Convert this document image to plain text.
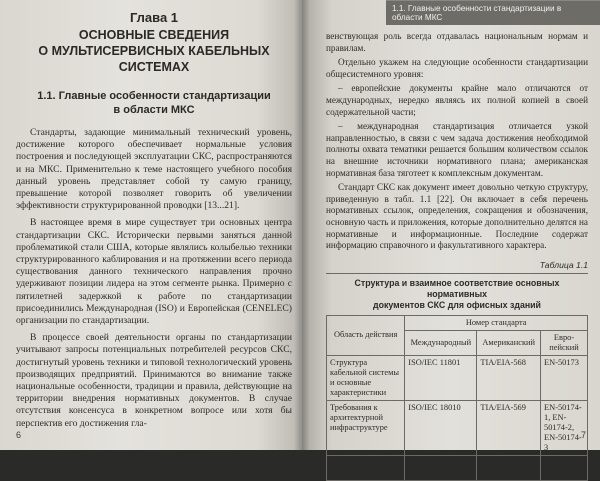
Глава 1
ОСНОВНЫЕ СВЕДЕНИЯ
О МУЛЬТИСЕРВИСНЫХ КАБЕЛЬНЫХ
СИСТЕМАХ
1.1. Главные особенности стандартизации
в области МКС

Стандарты, задающие минимальный технический уровень, достижение которого обеспечивает нормальные условия построения и последующей эксплуатации СКС, распространяются и на МКС. Применительно к теме настоящего учебного пособия данный уровень представляет собой ту самую границу, превышение которой позволяет говорить об увеличении эффективности структурированной проводки [13...21].

В настоящее время в мире существует три основных центра стандартизации СКС. Исторически первыми заняться данной проблематикой стали США, которые являлись колыбелью техники структурированного каблирования и на протяжении всего периода существования данного технического направления прочно удерживают позиции лидера на этом сегменте рынка. Примерно с пятилетней задержкой к работе по стандартизации присоединились Международная (ISO) и Европейская (CENELEC) организации по стандартизации.

В процессе своей деятельности органы по стандартизации учитывают запросы потенциальных потребителей ресурсов СКС, достигнутый уровень техники и типовой технологический уровень производящих предприятий. Принимаются во внимание также национальные особенности, традиции и правила, действующие на территории внедрения нормативных документов. В случае отсутствия консенсуса в конкретном вопросе или хотя бы перспектив его достижения гла-

6
1.1. Главные особенности стандартизации в области МКС

венствующая роль всегда отдавалась национальным нормам и правилам.

Отдельно укажем на следующие особенности стандартизации общесистемного уровня:

– европейские документы крайне мало отличаются от международных, нередко являясь их полной копией в своей содержательной части;

– международная стандартизация отличается узкой направленностью, в связи с чем задача достижения необходимой полноты охвата тематики решается большим количеством ссылок на внешние источники нормативного плана; американская нормативная база тяготеет к комплексным документам.

Стандарт СКС как документ имеет довольно четкую структуру, приведенную в табл. 1.1 [22]. Он включает в себя перечень нормативных ссылок, определения, сокращения и обозначения, основную часть и приложения, которые дополнительно делятся на нормативные и информационные. Последние содержат информацию справочного и факультативного характера.

Таблица 1.1
Структура и взаимное соответствие основных нормативных
документов СКС для офисных зданий
Область действия	Номер стандарта		
	Международный	Американский	Европейский
Структура кабельной системы и основные характеристики	ISO/IEC 11801	TIA/EIA-568	EN-50173
Требования к архитектурной инфраструктуре	ISO/IEC 18010	TIA/EIA-569	EN-50174-1, EN-50174-2, EN-50174-3
Требования к заземлению		TIA/EIA-607	EN-50310
7
